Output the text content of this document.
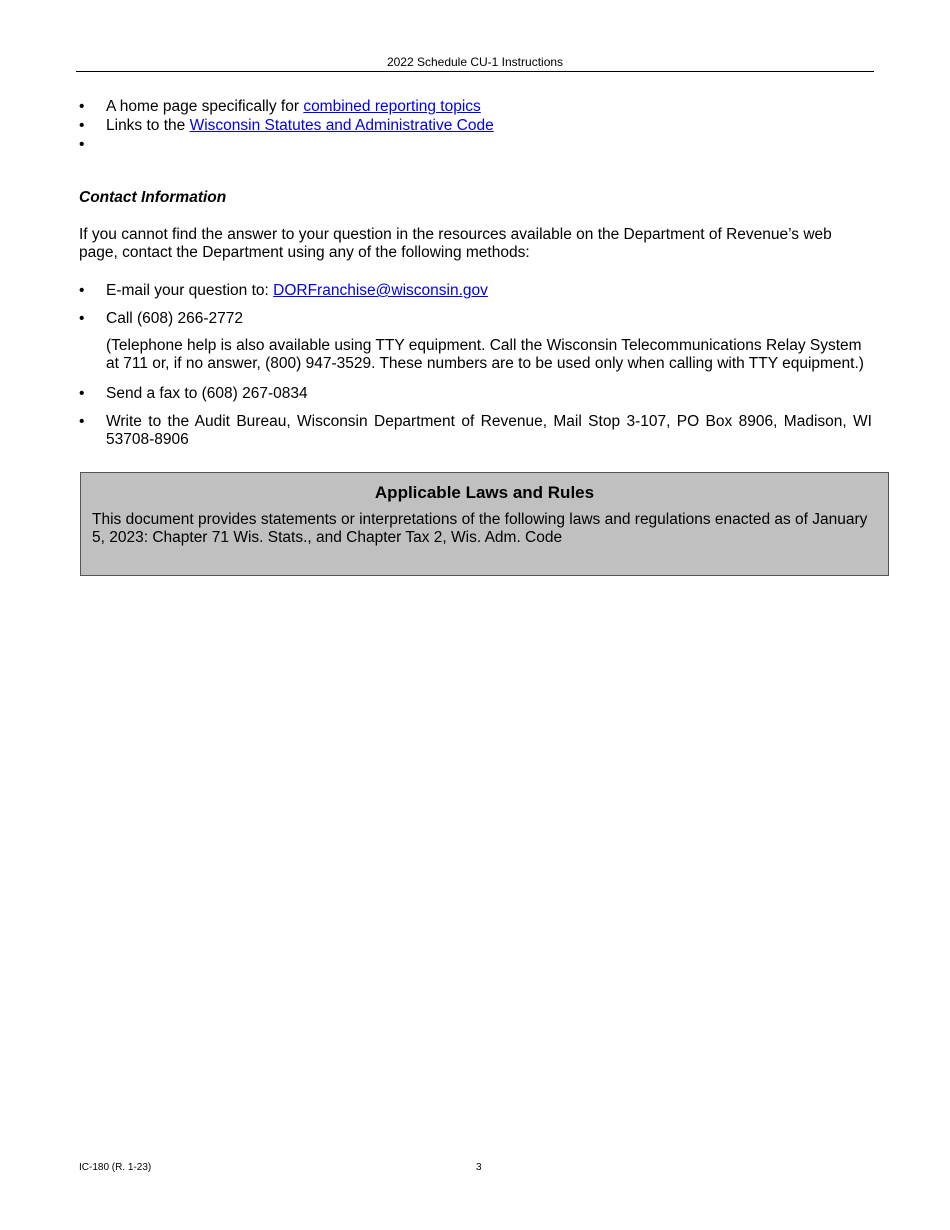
2022 Schedule CU-1 Instructions
• A home page specifically for combined reporting topics
• Links to the Wisconsin Statutes and Administrative Code
•
Contact Information
If you cannot find the answer to your question in the resources available on the Department of Revenue’s web page, contact the Department using any of the following methods:
• E-mail your question to: DORFranchise@wisconsin.gov
• Call (608) 266-2772
(Telephone help is also available using TTY equipment. Call the Wisconsin Telecommunications Relay System at 711 or, if no answer, (800) 947-3529. These numbers are to be used only when calling with TTY equipment.)
• Send a fax to (608) 267-0834
• Write to the Audit Bureau, Wisconsin Department of Revenue, Mail Stop 3-107, PO Box 8906, Madison, WI 53708-8906
Applicable Laws and Rules
This document provides statements or interpretations of the following laws and regulations enacted as of January 5, 2023: Chapter 71 Wis. Stats., and Chapter Tax 2, Wis. Adm. Code
IC-180 (R. 1-23)	3
